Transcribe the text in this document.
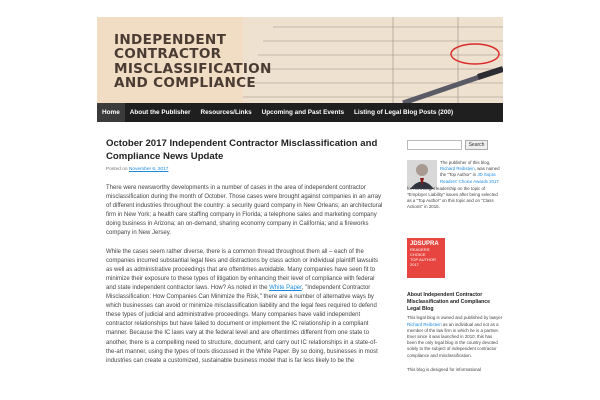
INDEPENDENT
CONTRACTOR
MISCLASSIFICATION
AND COMPLIANCE
Home	About the Publisher	Resources/Links	Upcoming and Past Events	Listing of Legal Blog Posts (200)
October 2017 Independent Contractor Misclassification and Compliance News Update
Posted on November 6, 2017

There were newsworthy developments in a number of cases in the area of independent contractor misclassification during the month of October. Those cases were brought against companies in an array of different industries throughout the country: a security guard company in New Orleans; an architectural firm in New York; a health care staffing company in Florida; a telephone sales and marketing company doing business in Arizona; an on-demand, sharing economy company in California; and a fireworks company in New Jersey.

While the cases seem rather diverse, there is a common thread throughout them all – each of the companies incurred substantial legal fees and distractions by class action or individual plaintiff lawsuits as well as administrative proceedings that are oftentimes avoidable. Many companies have seen fit to minimize their exposure to these types of litigation by enhancing their level of compliance with federal and state independent contractor laws. How? As noted in the White Paper, "Independent Contractor Misclassification: How Companies Can Minimize the Risk," there are a number of alternative ways by which businesses can avoid or minimize misclassification liability and the legal fees required to defend these types of judicial and administrative proceedings. Many companies have valid independent contractor relationships but have failed to document or implement the IC relationship in a compliant manner. Because the IC laws vary at the federal level and are oftentimes different from one state to another, there is a compelling need to structure, document, and carry out IC relationships in a state-of-the-art manner, using the types of tools discussed in the White Paper. By so doing, businesses in most industries can create a customized, sustainable business model that is far less likely to be the

Search
The publisher of this blog, Richard Reibstein, was named the "Top Author" in JD Supra Readers' Choice Awards 2017
for his thought leadership on the topic of "Employer Liability" issues after being selected as a "Top Author" on this topic and on "Class Actions" in 2016.
JDSUPRA
READERS' CHOICE
TOP AUTHOR 2017
About Independent Contractor Misclassification and Compliance Legal Blog
This legal blog is owned and published by lawyer Richard Reibstein as an individual and not as a member of the law firm in which he is a partner. Ever since it was launched in 2010, this has been the only legal blog in the country devoted solely to the subject of independent contractor compliance and misclassification.
This blog is designed for informational
